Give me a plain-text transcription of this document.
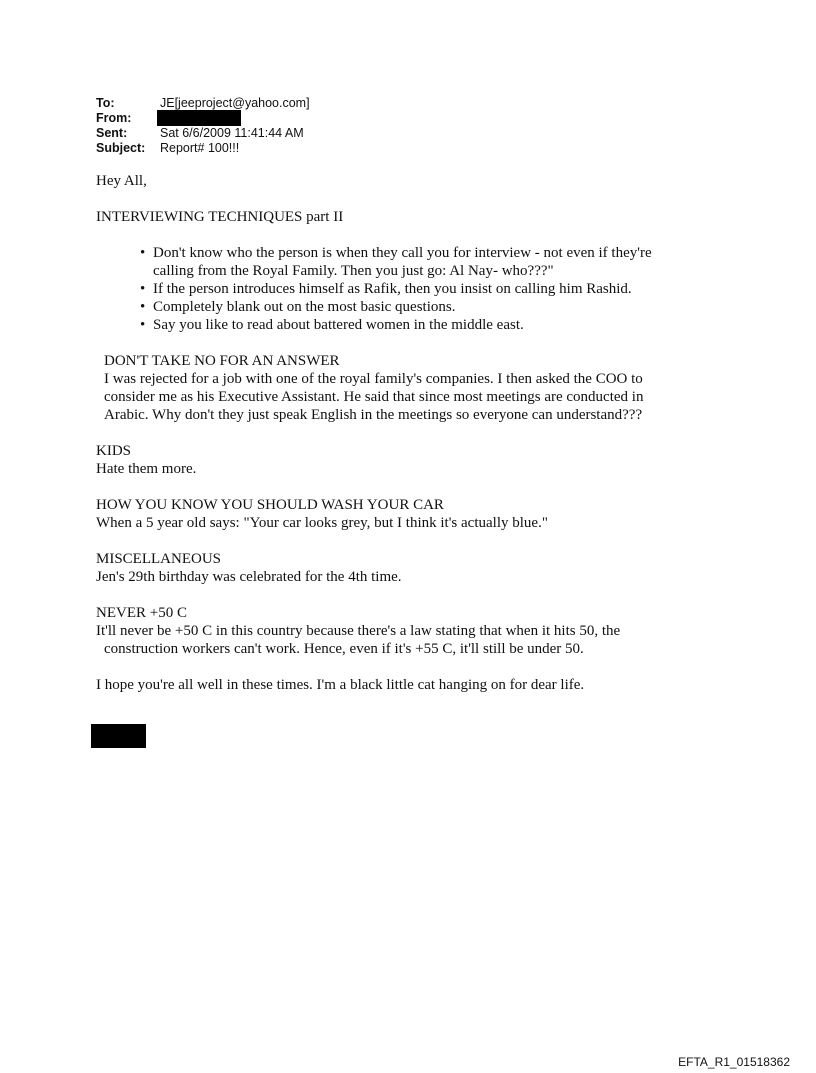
To:	JE[jeeproject@yahoo.com]
From:
Sent:	Sat 6/6/2009 11:41:44 AM
Subject:	Report# 100!!!

Hey All,

INTERVIEWING TECHNIQUES part II

• Don't know who the person is when they call you for interview - not even if they're calling from the Royal Family. Then you just go: Al Nay- who???"
• If the person introduces himself as Rafik, then you insist on calling him Rashid.
• Completely blank out on the most basic questions.
• Say you like to read about battered women in the middle east.

DON'T TAKE NO FOR AN ANSWER

I was rejected for a job with one of the royal family's companies. I then asked the COO to consider me as his Executive Assistant. He said that since most meetings are conducted in Arabic. Why don't they just speak English in the meetings so everyone can understand???

KIDS

Hate them more.

HOW YOU KNOW YOU SHOULD WASH YOUR CAR

When a 5 year old says: "Your car looks grey, but I think it's actually blue."

MISCELLANEOUS

Jen's 29th birthday was celebrated for the 4th time.

NEVER +50 C

It'll never be +50 C in this country because there's a law stating that when it hits 50, the construction workers can't work. Hence, even if it's +55 C, it'll still be under 50.

I hope you're all well in these times. I'm a black little cat hanging on for dear life.

EFTA_R1_01518362
